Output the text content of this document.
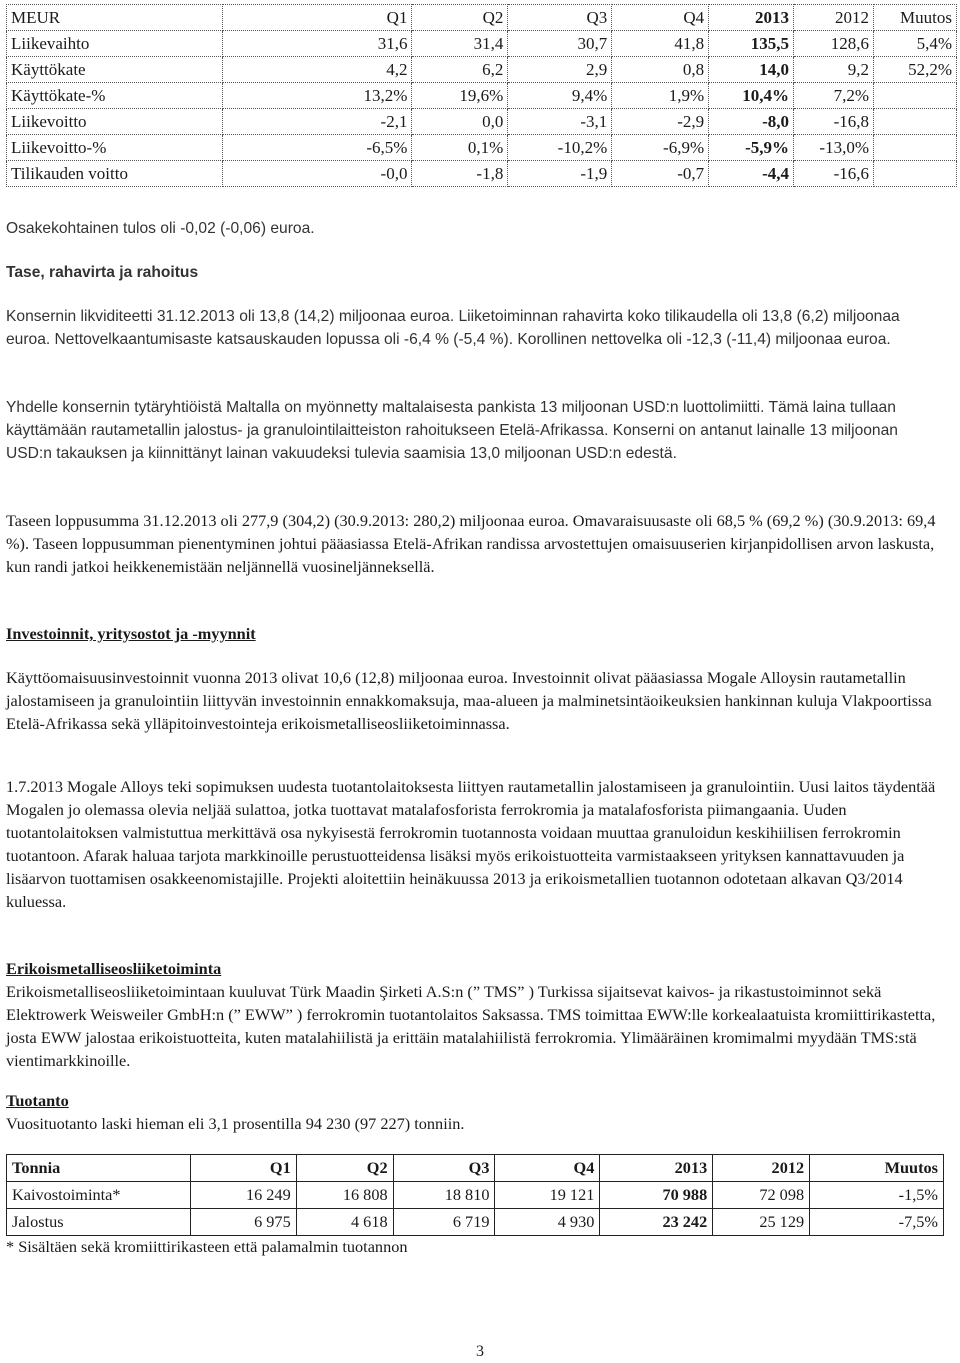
MEUR	Q1	Q2	Q3	Q4	2013	2012	Muutos
Liikevaihto	31,6	31,4	30,7	41,8	135,5	128,6	5,4%
Käyttökate	4,2	6,2	2,9	0,8	14,0	9,2	52,2%
Käyttökate-%	13,2%	19,6%	9,4%	1,9%	10,4%	7,2%	
Liikevoitto	-2,1	0,0	-3,1	-2,9	-8,0	-16,8	
Liikevoitto-%	-6,5%	0,1%	-10,2%	-6,9%	-5,9%	-13,0%	
Tilikauden voitto	-0,0	-1,8	-1,9	-0,7	-4,4	-16,6	

Osakekohtainen tulos oli -0,02 (-0,06) euroa.

Tase, rahavirta ja rahoitus

Konsernin likviditeetti 31.12.2013 oli 13,8 (14,2) miljoonaa euroa. Liiketoiminnan rahavirta koko tilikaudella oli 13,8 (6,2) miljoonaa euroa. Nettovelkaantumisaste katsauskauden lopussa oli -6,4 % (-5,4 %). Korollinen nettovelka oli -12,3 (-11,4) miljoonaa euroa.

Yhdelle konsernin tytäryhtiöistä Maltalla on myönnetty maltalaisesta pankista 13 miljoonan USD:n luottolimiitti. Tämä laina tullaan käyttämään rautametallin jalostus- ja granulointilaitteiston rahoitukseen Etelä-Afrikassa. Konserni on antanut lainalle 13 miljoonan USD:n takauksen ja kiinnittänyt lainan vakuudeksi tulevia saamisia 13,0 miljoonan USD:n edestä.

Taseen loppusumma 31.12.2013 oli 277,9 (304,2) (30.9.2013: 280,2) miljoonaa euroa. Omavaraisuusaste oli 68,5 % (69,2 %) (30.9.2013: 69,4 %). Taseen loppusumman pienentyminen johtui pääasiassa Etelä-Afrikan randissa arvostettujen omaisuuserien kirjanpidollisen arvon laskusta, kun randi jatkoi heikkenemistään neljännellä vuosineljänneksellä.

Investoinnit, yritysostot ja -myynnit

Käyttöomaisuusinvestoinnit vuonna 2013 olivat 10,6 (12,8) miljoonaa euroa. Investoinnit olivat pääasiassa Mogale Alloysin rautametallin jalostamiseen ja granulointiin liittyvän investoinnin ennakkomaksuja, maa-alueen ja malminetsintäoikeuksien hankinnan kuluja Vlakpoortissa Etelä-Afrikassa sekä ylläpitoinvestointeja erikoismetalliseosliiketoiminnassa.

1.7.2013 Mogale Alloys teki sopimuksen uudesta tuotantolaitoksesta liittyen rautametallin jalostamiseen ja granulointiin. Uusi laitos täydentää Mogalen jo olemassa olevia neljää sulattoa, jotka tuottavat matalafosforista ferrokromia ja matalafosforista piimangaania. Uuden tuotantolaitoksen valmistuttua merkittävä osa nykyisestä ferrokromin tuotannosta voidaan muuttaa granuloidun keskihiilisen ferrokromin tuotantoon. Afarak haluaa tarjota markkinoille perustuotteidensa lisäksi myös erikoistuotteita varmistaakseen yrityksen kannattavuuden ja lisäarvon tuottamisen osakkeenomistajille. Projekti aloitettiin heinäkuussa 2013 ja erikoismetallien tuotannon odotetaan alkavan Q3/2014 kuluessa.

Erikoismetalliseosliiketoiminta

Erikoismetalliseosliiketoimintaan kuuluvat Türk Maadin Şirketi A.S:n (” TMS” ) Turkissa sijaitsevat kaivos- ja rikastustoiminnot sekä Elektrowerk Weisweiler GmbH:n (” EWW” ) ferrokromin tuotantolaitos Saksassa. TMS toimittaa EWW:lle korkealaatuista kromiittirikastetta, josta EWW jalostaa erikoistuotteita, kuten matalahiilistä ja erittäin matalahiilistä ferrokromia. Ylimääräinen kromimalmi myydään TMS:stä vientimarkkinoille.

Tuotanto

Vuosituotanto laski hieman eli 3,1 prosentilla 94 230 (97 227) tonniin.

Tonnia	Q1	Q2	Q3	Q4	2013	2012	Muutos
Kaivostoiminta*	16 249	16 808	18 810	19 121	70 988	72 098	-1,5%
Jalostus	6 975	4 618	6 719	4 930	23 242	25 129	-7,5%
* Sisältäen sekä kromiittirikasteen että palamalmin tuotannon
3
